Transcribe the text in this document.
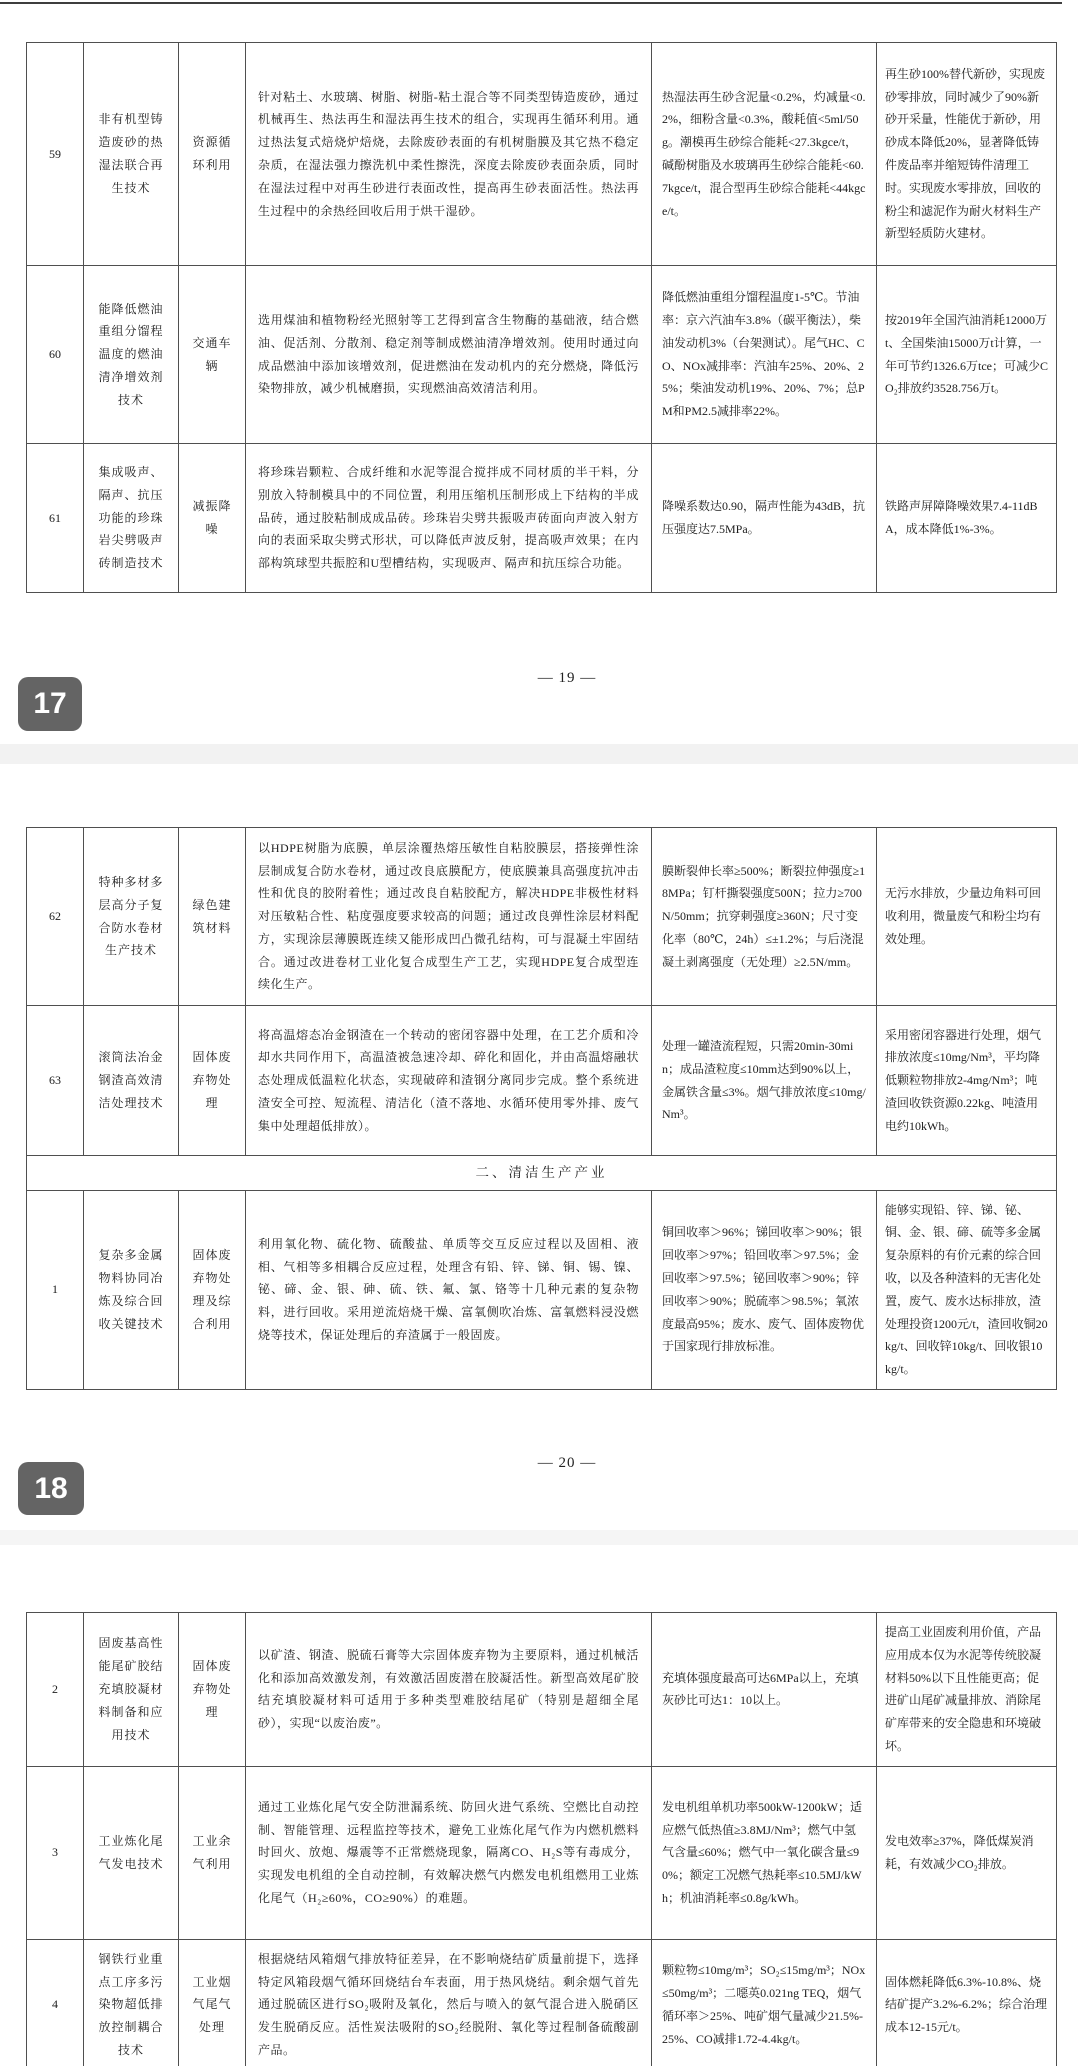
59	非有机型铸造废砂的热湿法联合再生技术	资源循环利用	针对粘土、水玻璃、树脂、树脂-粘土混合等不同类型铸造废砂，通过机械再生、热法再生和湿法再生技术的组合，实现再生循环利用。通过热法复式焙烧炉焙烧，去除废砂表面的有机树脂膜及其它热不稳定杂质，在湿法强力擦洗机中柔性擦洗，深度去除废砂表面杂质，同时在湿法过程中对再生砂进行表面改性，提高再生砂表面活性。热法再生过程中的余热经回收后用于烘干湿砂。	热湿法再生砂含泥量<0.2%，灼减量<0.2%，细粉含量<0.3%，酸耗值<5ml/50g。潮模再生砂综合能耗<27.3kgce/t，碱酚树脂及水玻璃再生砂综合能耗<60.7kgce/t，混合型再生砂综合能耗<44kgce/t。	再生砂100%替代新砂，实现废砂零排放，同时减少了90%新砂开采量，性能优于新砂，用砂成本降低20%，显著降低铸件废品率并缩短铸件清理工时。实现废水零排放，回收的粉尘和滤泥作为耐火材料生产新型轻质防火建材。
60	能降低燃油重组分馏程温度的燃油清净增效剂技术	交通车辆	选用煤油和植物粉经光照射等工艺得到富含生物酶的基础液，结合燃油、促活剂、分散剂、稳定剂等制成燃油清净增效剂。使用时通过向成品燃油中添加该增效剂，促进燃油在发动机内的充分燃烧，降低污染物排放，减少机械磨损，实现燃油高效清洁利用。	降低燃油重组分馏程温度1-5℃。节油率：京六汽油车3.8%（碳平衡法），柴油发动机3%（台架测试）。尾气HC、CO、NOx减排率：汽油车25%、20%、25%；柴油发动机19%、20%、7%；总PM和PM2.5减排率22%。	按2019年全国汽油消耗12000万t、全国柴油15000万t计算，一年可节约1326.6万tce；可减少CO₂排放约3528.756万t。
61	集成吸声、隔声、抗压功能的珍珠岩尖劈吸声砖制造技术	减振降噪	将珍珠岩颗粒、合成纤维和水泥等混合搅拌成不同材质的半干料，分别放入特制模具中的不同位置，利用压缩机压制形成上下结构的半成品砖，通过胶粘制成成品砖。珍珠岩尖劈共振吸声砖面向声波入射方向的表面采取尖劈式形状，可以降低声波反射，提高吸声效果；在内部构筑球型共振腔和U型槽结构，实现吸声、隔声和抗压综合功能。	降噪系数达0.90，隔声性能为43dB，抗压强度达7.5MPa。	铁路声屏障降噪效果7.4-11dBA，成本降低1%-3%。
— 19 —
17
62	特种多材多层高分子复合防水卷材生产技术	绿色建筑材料	以HDPE树脂为底膜，单层涂覆热熔压敏性自粘胶膜层，搭接弹性涂层制成复合防水卷材，通过改良底膜配方，使底膜兼具高强度抗冲击性和优良的胶附着性；通过改良自粘胶配方，解决HDPE非极性材料对压敏粘合性、粘度强度要求较高的问题；通过改良弹性涂层材料配方，实现涂层薄膜既连续又能形成凹凸微孔结构，可与混凝土牢固结合。通过改进卷材工业化复合成型生产工艺，实现HDPE复合成型连续化生产。	膜断裂伸长率≥500%；断裂拉伸强度≥18MPa；钉杆撕裂强度500N；拉力≥700N/50mm；抗穿刺强度≥360N；尺寸变化率（80℃，24h）≤±1.2%；与后浇混凝土剥离强度（无处理）≥2.5N/mm。	无污水排放，少量边角料可回收利用，微量废气和粉尘均有效处理。
63	滚筒法冶金钢渣高效清洁处理技术	固体废弃物处理	将高温熔态冶金钢渣在一个转动的密闭容器中处理，在工艺介质和冷却水共同作用下，高温渣被急速冷却、碎化和固化，并由高温熔融状态处理成低温粒化状态，实现破碎和渣钢分离同步完成。整个系统进渣安全可控、短流程、清洁化（渣不落地、水循环使用零外排、废气集中处理超低排放）。	处理一罐渣流程短，只需20min-30min；成品渣粒度≤10mm达到90%以上，金属铁含量≤3%。烟气排放浓度≤10mg/Nm³。	采用密闭容器进行处理，烟气排放浓度≤10mg/Nm³，平均降低颗粒物排放2-4mg/Nm³；吨渣回收铁资源0.22kg、吨渣用电约10kWh。
二、清洁生产产业					
1	复杂多金属物料协同冶炼及综合回收关键技术	固体废弃物处理及综合利用	利用氧化物、硫化物、硫酸盐、单质等交互反应过程以及固相、液相、气相等多相耦合反应过程，处理含有铅、锌、锑、铜、锡、镍、铋、碲、金、银、砷、硫、铁、氟、氯、铬等十几种元素的复杂物料，进行回收。采用逆流焙烧干燥、富氧侧吹冶炼、富氧燃料浸没燃烧等技术，保证处理后的弃渣属于一般固废。	铜回收率＞96%；锑回收率＞90%；银回收率＞97%；铅回收率＞97.5%；金回收率＞97.5%；铋回收率＞90%；锌回收率＞90%；脱硫率＞98.5%；氧浓度最高95%；废水、废气、固体废物优于国家现行排放标准。	能够实现铅、锌、锑、铋、铜、金、银、碲、硫等多金属复杂原料的有价元素的综合回收，以及各种渣料的无害化处置，废气、废水达标排放，渣处理投资1200元/t，渣回收铜20kg/t、回收锌10kg/t、回收银10kg/t。
— 20 —
18
2	固废基高性能尾矿胶结充填胶凝材料制备和应用技术	固体废弃物处理	以矿渣、钢渣、脱硫石膏等大宗固体废弃物为主要原料，通过机械活化和添加高效激发剂，有效激活固废潜在胶凝活性。新型高效尾矿胶结充填胶凝材料可适用于多种类型难胶结尾矿（特别是超细全尾砂），实现“以废治废”。	充填体强度最高可达6MPa以上，充填灰砂比可达1：10以上。	提高工业固废利用价值，产品应用成本仅为水泥等传统胶凝材料50%以下且性能更高；促进矿山尾矿减量排放、消除尾矿库带来的安全隐患和环境破坏。
3	工业炼化尾气发电技术	工业余气利用	通过工业炼化尾气安全防泄漏系统、防回火进气系统、空燃比自动控制、智能管理、远程监控等技术，避免工业炼化尾气作为内燃机燃料时回火、放炮、爆震等不正常燃烧现象，隔离CO、H₂S等有毒成分，实现发电机组的全自动控制，有效解决燃气内燃发电机组燃用工业炼化尾气（H₂≥60%，CO≥90%）的难题。	发电机组单机功率500kW-1200kW；适应燃气低热值≥3.8MJ/Nm³；燃气中氢气含量≤60%；燃气中一氧化碳含量≤90%；额定工况燃气热耗率≤10.5MJ/kWh；机油消耗率≤0.8g/kWh。	发电效率≥37%，降低煤炭消耗，有效减少CO₂排放。
4	钢铁行业重点工序多污染物超低排放控制耦合技术	工业烟气尾气处理	根据烧结风箱烟气排放特征差异，在不影响烧结矿质量前提下，选择特定风箱段烟气循环回烧结台车表面，用于热风烧结。剩余烟气首先通过脱硫区进行SO₂吸附及氧化，然后与喷入的氨气混合进入脱硝区发生脱硝反应。活性炭法吸附的SO₂经脱附、氧化等过程制备硫酸副产品。	颗粒物≤10mg/m³；SO₂≤15mg/m³；NOx≤50mg/m³；二噁英0.021ng TEQ，烟气循环率＞25%、吨矿烟气量减少21.5%-25%、CO减排1.72-4.4kg/t。	固体燃耗降低6.3%-10.8%、烧结矿提产3.2%-6.2%；综合治理成本12-15元/t。
